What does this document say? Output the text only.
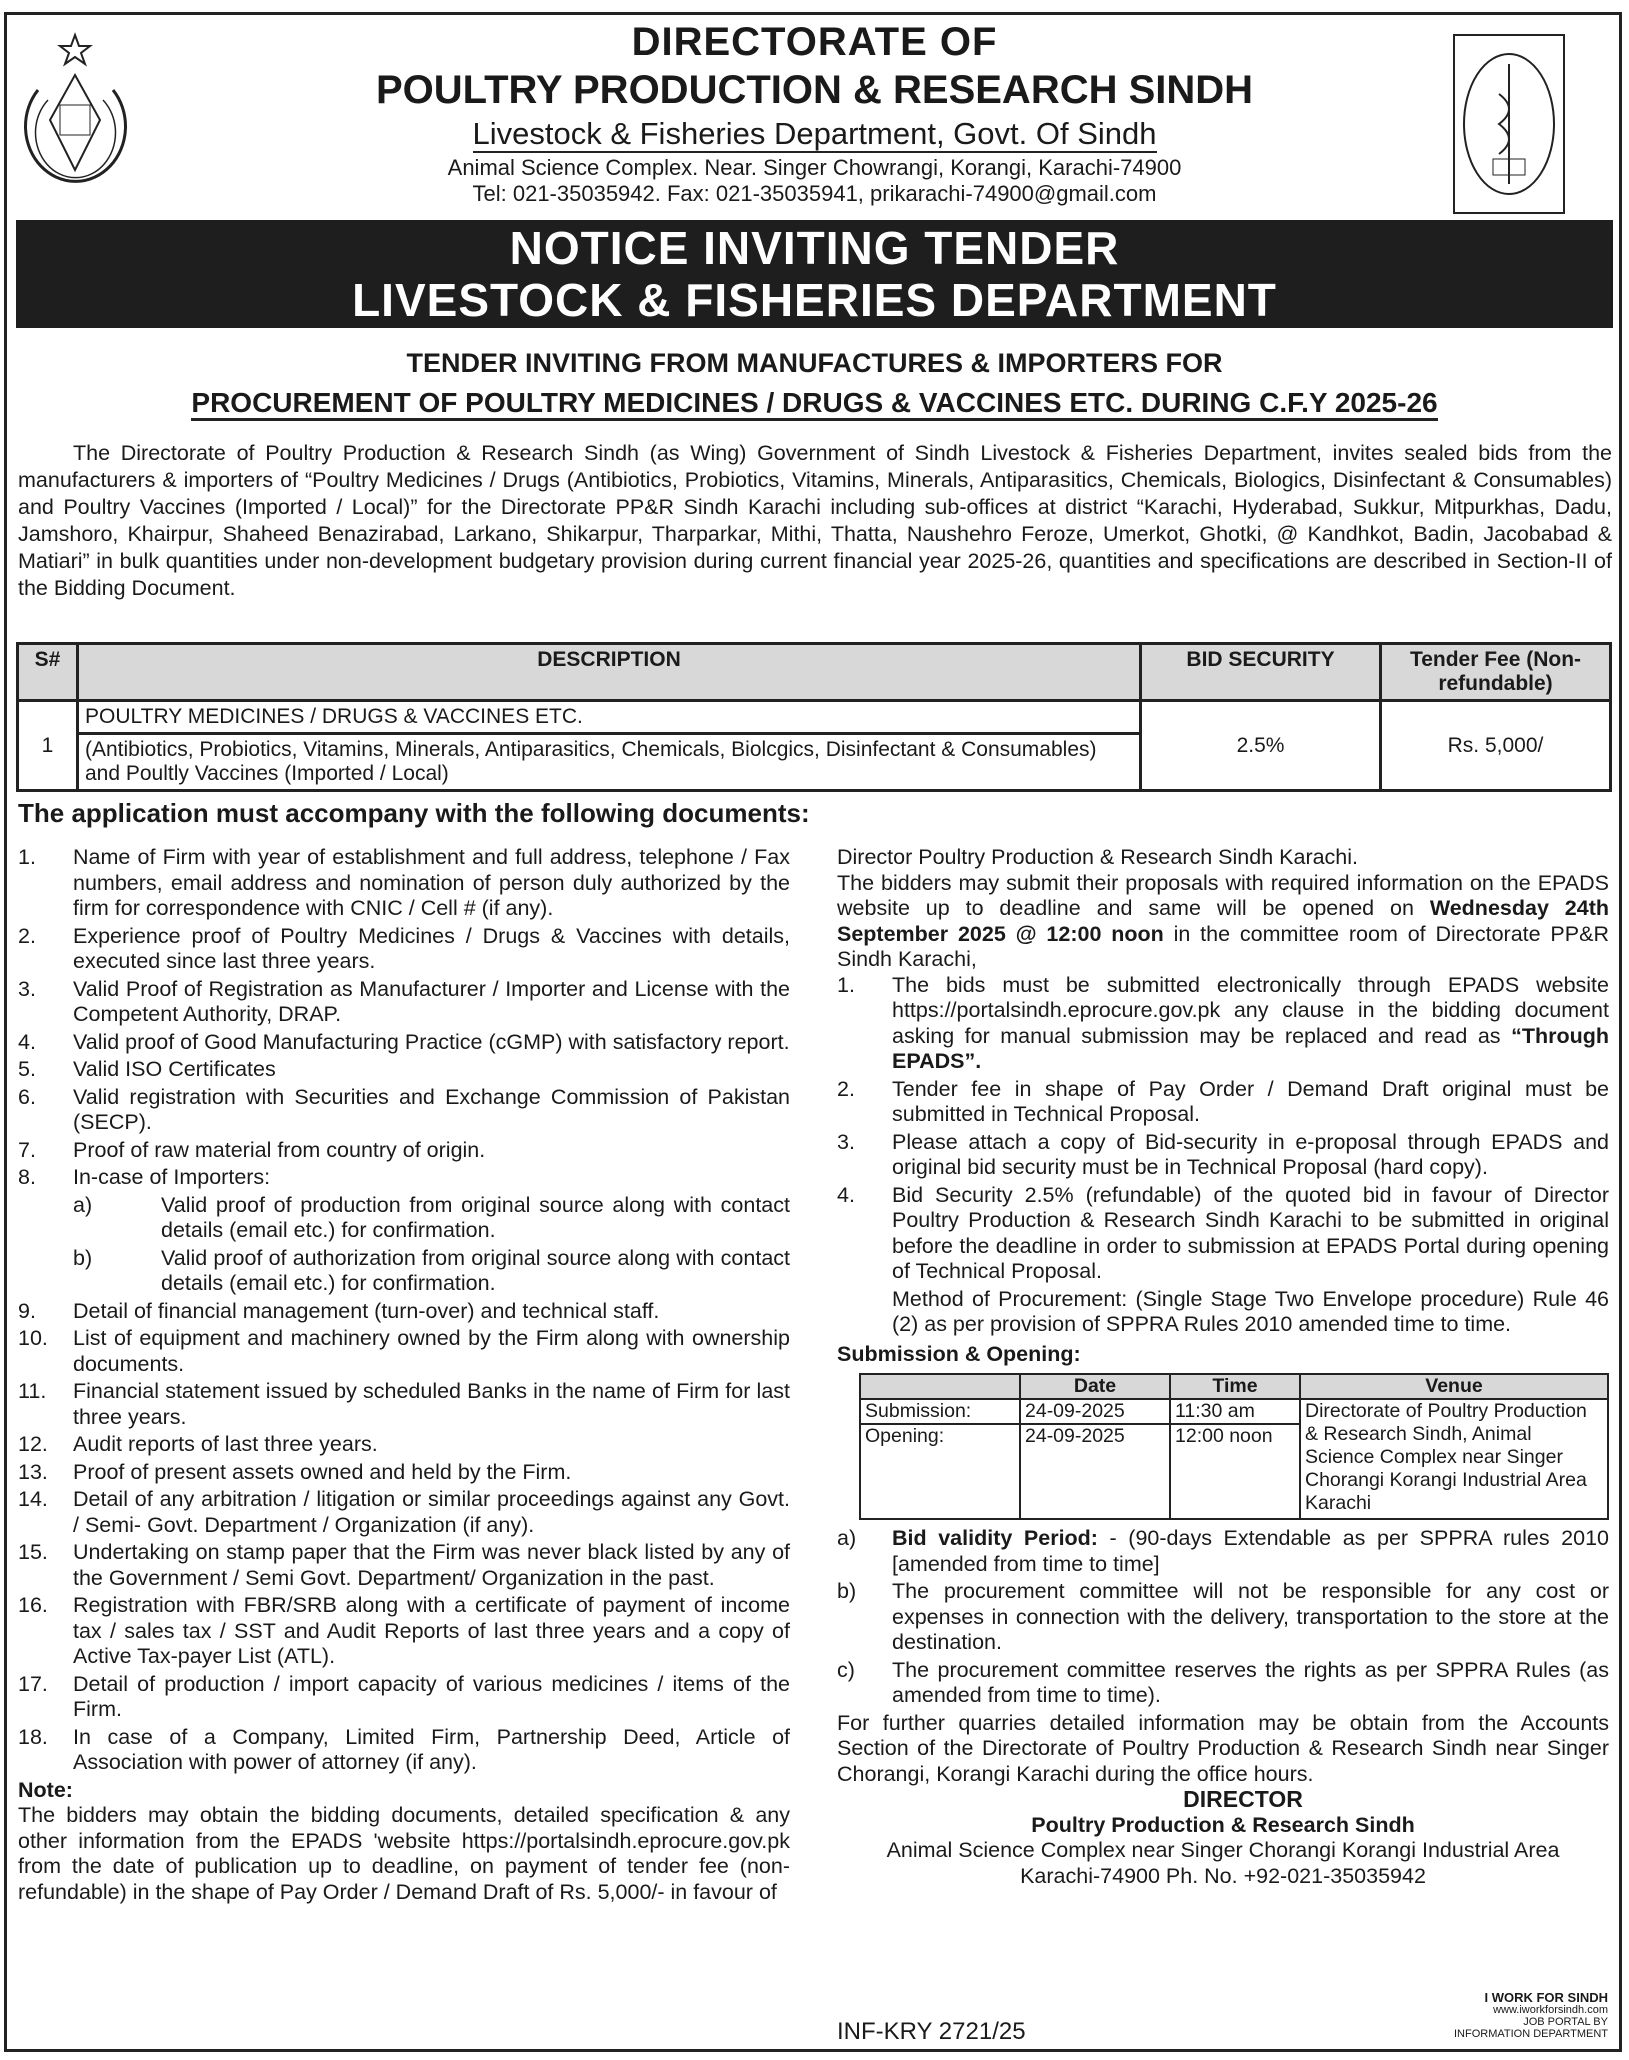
DIRECTORATE OF
POULTRY PRODUCTION & RESEARCH SINDH
Livestock & Fisheries Department, Govt. Of Sindh
Animal Science Complex. Near. Singer Chowrangi, Korangi, Karachi-74900
Tel: 021-35035942. Fax: 021-35035941, prikarachi-74900@gmail.com
NOTICE INVITING TENDER
LIVESTOCK & FISHERIES DEPARTMENT
TENDER INVITING FROM MANUFACTURES & IMPORTERS FOR
PROCUREMENT OF POULTRY MEDICINES / DRUGS & VACCINES ETC. DURING C.F.Y 2025-26
The Directorate of Poultry Production & Research Sindh (as Wing) Government of Sindh Livestock & Fisheries Department, invites sealed bids from the manufacturers & importers of “Poultry Medicines / Drugs (Antibiotics, Probiotics, Vitamins, Minerals, Antiparasitics, Chemicals, Biologics, Disinfectant & Consumables) and Poultry Vaccines (Imported / Local)” for the Directorate PP&R Sindh Karachi including sub-offices at district “Karachi, Hyderabad, Sukkur, Mitpurkhas, Dadu, Jamshoro, Khairpur, Shaheed Benazirabad, Larkano, Shikarpur, Tharparkar, Mithi, Thatta, Naushehro Feroze, Umerkot, Ghotki, @ Kandhkot, Badin, Jacobabad & Matiari” in bulk quantities under non-development budgetary provision during current financial year 2025-26, quantities and specifications are described in Section-II of the Bidding Document.
S#	DESCRIPTION	BID SECURITY	Tender Fee (Non-refundable)
1	POULTRY MEDICINES / DRUGS & VACCINES ETC.	2.5%	Rs. 5,000/
	(Antibiotics, Probiotics, Vitamins, Minerals, Antiparasitics, Chemicals, Biolcgics, Disinfectant & Consumables) and Poultly Vaccines (Imported / Local)		
The application must accompany with the following documents:
1.	Name of Firm with year of establishment and full address, telephone / Fax numbers, email address and nomination of person duly authorized by the firm for correspondence with CNIC / Cell # (if any).
2.	Experience proof of Poultry Medicines / Drugs & Vaccines with details, executed since last three years.
3.	Valid Proof of Registration as Manufacturer / Importer and License with the Competent Authority, DRAP.
4.	Valid proof of Good Manufacturing Practice (cGMP) with satisfactory report.
5.	Valid ISO Certificates
6.	Valid registration with Securities and Exchange Commission of Pakistan (SECP).
7.	Proof of raw material from country of origin.
8.	In-case of Importers:
a)	Valid proof of production from original source along with contact details (email etc.) for confirmation.
b)	Valid proof of authorization from original source along with contact details (email etc.) for confirmation.
9.	Detail of financial management (turn-over) and technical staff.
10.	List of equipment and machinery owned by the Firm along with ownership documents.
11.	Financial statement issued by scheduled Banks in the name of Firm for last three years.
12.	Audit reports of last three years.
13.	Proof of present assets owned and held by the Firm.
14.	Detail of any arbitration / litigation or similar proceedings against any Govt. / Semi- Govt. Department / Organization (if any).
15.	Undertaking on stamp paper that the Firm was never black listed by any of the Government / Semi Govt. Department/ Organization in the past.
16.	Registration with FBR/SRB along with a certificate of payment of income tax / sales tax / SST and Audit Reports of last three years and a copy of Active Tax-payer List (ATL).
17.	Detail of production / import capacity of various medicines / items of the Firm.
18.	In case of a Company, Limited Firm, Partnership Deed, Article of Association with power of attorney (if any).
Note:
The bidders may obtain the bidding documents, detailed specification & any other information from the EPADS 'website https://portalsindh.eprocure.gov.pk from the date of publication up to deadline, on payment of tender fee (non-refundable) in the shape of Pay Order / Demand Draft of Rs. 5,000/- in favour of
Director Poultry Production & Research Sindh Karachi.
The bidders may submit their proposals with required information on the EPADS website up to deadline and same will be opened on Wednesday 24th September 2025 @ 12:00 noon in the committee room of Directorate PP&R Sindh Karachi,
1.	The bids must be submitted electronically through EPADS website https://portalsindh.eprocure.gov.pk any clause in the bidding document asking for manual submission may be replaced and read as “Through EPADS”.
2.	Tender fee in shape of Pay Order / Demand Draft original must be submitted in Technical Proposal.
3.	Please attach a copy of Bid-security in e-proposal through EPADS and original bid security must be in Technical Proposal (hard copy).
4.	Bid Security 2.5% (refundable) of the quoted bid in favour of Director Poultry Production & Research Sindh Karachi to be submitted in original before the deadline in order to submission at EPADS Portal during opening of Technical Proposal.
Method of Procurement: (Single Stage Two Envelope procedure) Rule 46 (2) as per provision of SPPRA Rules 2010 amended time to time.
Submission & Opening:
	Date	Time	Venue
Submission:	24-09-2025	11:30 am	Directorate of Poultry Production & Research Sindh, Animal Science Complex near Singer Chorangi Korangi Industrial Area Karachi
Opening:	24-09-2025	12:00 noon	
a)	Bid validity Period: - (90-days Extendable as per SPPRA rules 2010 [amended from time to time]
b)	The procurement committee will not be responsible for any cost or expenses in connection with the delivery, transportation to the store at the destination.
c)	The procurement committee reserves the rights as per SPPRA Rules (as amended from time to time).
For further quarries detailed information may be obtain from the Accounts Section of the Directorate of Poultry Production & Research Sindh near Singer Chorangi, Korangi Karachi during the office hours.
DIRECTOR
Poultry Production & Research Sindh
Animal Science Complex near Singer Chorangi Korangi Industrial Area Karachi-74900 Ph. No. +92-021-35035942
INF-KRY 2721/25
I WORK FOR SINDH
www.iworkforsindh.com
JOB PORTAL BY
INFORMATION DEPARTMENT
